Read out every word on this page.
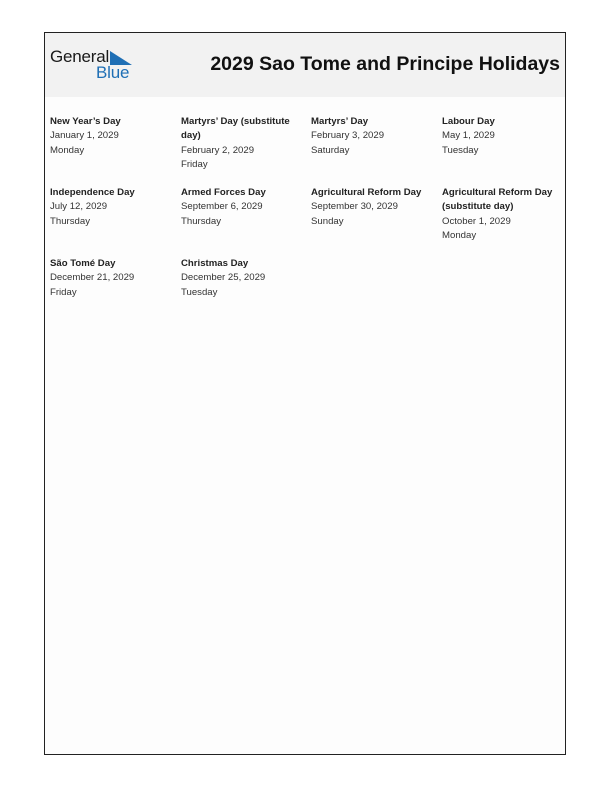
General
Blue	2029 Sao Tome and Principe Holidays
New Year’s Day
January 1, 2029
Monday
Martyrs’ Day (substitute day)
February 2, 2029
Friday
Martyrs’ Day
February 3, 2029
Saturday
Labour Day
May 1, 2029
Tuesday
Independence Day
July 12, 2029
Thursday
Armed Forces Day
September 6, 2029
Thursday
Agricultural Reform Day
September 30, 2029
Sunday
Agricultural Reform Day (substitute day)
October 1, 2029
Monday
São Tomé Day
December 21, 2029
Friday
Christmas Day
December 25, 2029
Tuesday
